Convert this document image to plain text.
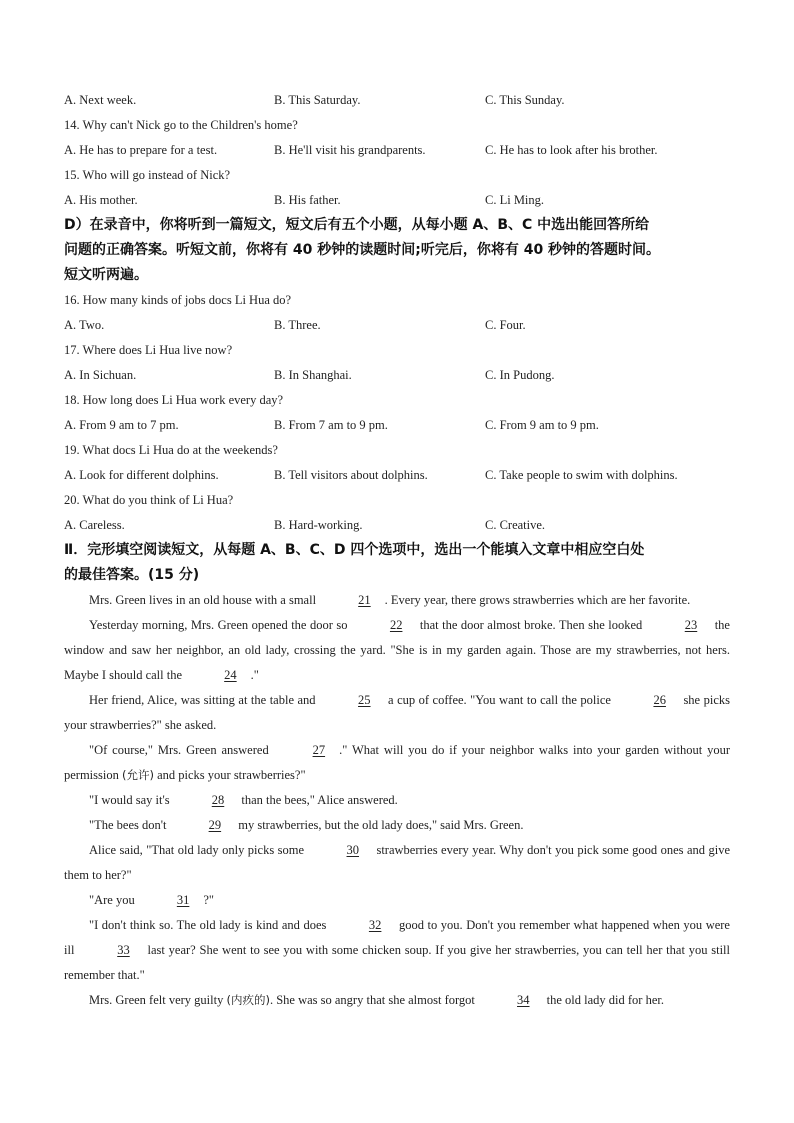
A. Next week.	B. This Saturday.	C. This Sunday.
14. Why can't Nick go to the Children's home?
A. He has to prepare for a test.	B. He'll visit his grandparents.	C. He has to look after his brother.
15. Who will go instead of Nick?
A. His mother.	B. His father.	C. Li Ming.
D）在录音中，你将听到一篇短文，短文后有五个小题，从每小题 A、B、C 中选出能回答所给
问题的正确答案。听短文前，你将有 40 秒钟的读题时间;听完后，你将有 40 秒钟的答题时间。
短文听两遍。
16. How many kinds of jobs docs Li Hua do?
A. Two.	B. Three.	C. Four.
17. Where does Li Hua live now?
A. In Sichuan.	B. In Shanghai.	C. In Pudong.
18. How long does Li Hua work every day?
A. From 9 am to 7 pm.	B. From 7 am to 9 pm.	C. From 9 am to 9 pm.
19. What docs Li Hua do at the weekends?
A. Look for different dolphins.	B. Tell visitors about dolphins.	C. Take people to swim with dolphins.
20. What do you think of Li Hua?
A. Careless.	B. Hard-working.	C. Creative.
Ⅱ．完形填空阅读短文，从每题 A、B、C、D 四个选项中，选出一个能填入文章中相应空白处
的最佳答案。(15 分)
Mrs. Green lives in an old house with a small	21 . Every year, there grows strawberries which are her favorite.
Yesterday morning, Mrs. Green opened the door so	22 that the door almost broke. Then she looked	23 the window and saw her neighbor, an old lady, crossing the yard. "She is in my garden again. Those are my strawberries, not hers. Maybe I should call the	24 ."
Her friend, Alice, was sitting at the table and	25 a cup of coffee. "You want to call the police	26 she picks your strawberries?" she asked.
"Of course," Mrs. Green answered	27 ." What will you do if your neighbor walks into your garden without your permission (允许) and picks your strawberries?"
"I would say it's	28 than the bees," Alice answered.
"The bees don't	29 my strawberries, but the old lady does," said Mrs. Green.
Alice said, "That old lady only picks some	30 strawberries every year. Why don't you pick some good ones and give them to her?"
"Are you	31 ?"
"I don't think so. The old lady is kind and does	32 good to you. Don't you remember what happened when you were ill	33 last year? She went to see you with some chicken soup. If you give her strawberries, you can tell her that you still remember that."
Mrs. Green felt very guilty (内疚的). She was so angry that she almost forgot	34 the old lady did for her.
